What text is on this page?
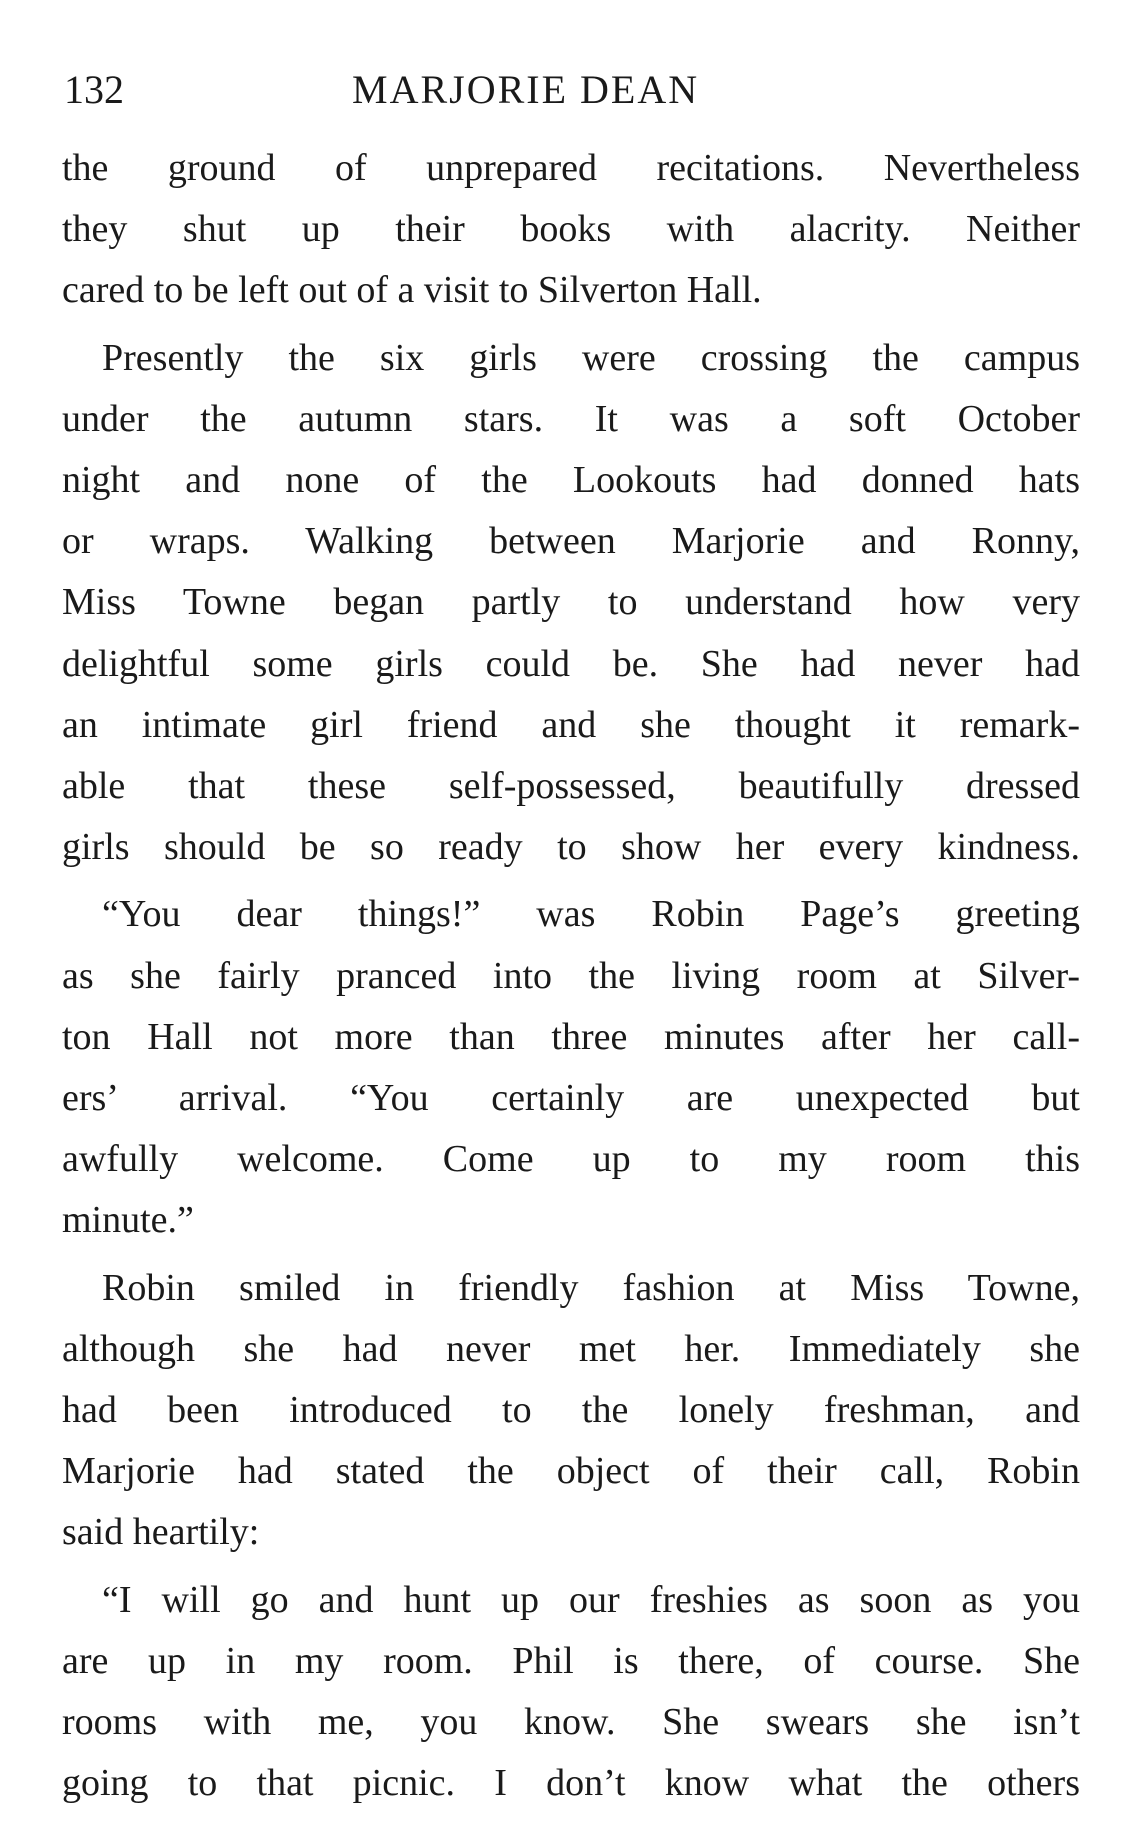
132	MARJORIE DEAN
the ground of unprepared recitations. Nevertheless
they shut up their books with alacrity. Neither
cared to be left out of a visit to Silverton Hall.
Presently the six girls were crossing the campus
under the autumn stars. It was a soft October
night and none of the Lookouts had donned hats
or wraps. Walking between Marjorie and Ronny,
Miss Towne began partly to understand how very
delightful some girls could be. She had never had
an intimate girl friend and she thought it remark-
able that these self-possessed, beautifully dressed
girls should be so ready to show her every kindness.
“You dear things!” was Robin Page’s greeting
as she fairly pranced into the living room at Silver-
ton Hall not more than three minutes after her call-
ers’ arrival. “You certainly are unexpected but
awfully welcome. Come up to my room this
minute.”
Robin smiled in friendly fashion at Miss Towne,
although she had never met her. Immediately she
had been introduced to the lonely freshman, and
Marjorie had stated the object of their call, Robin
said heartily:
“I will go and hunt up our freshies as soon as you
are up in my room. Phil is there, of course. She
rooms with me, you know. She swears she isn’t
going to that picnic. I don’t know what the others
